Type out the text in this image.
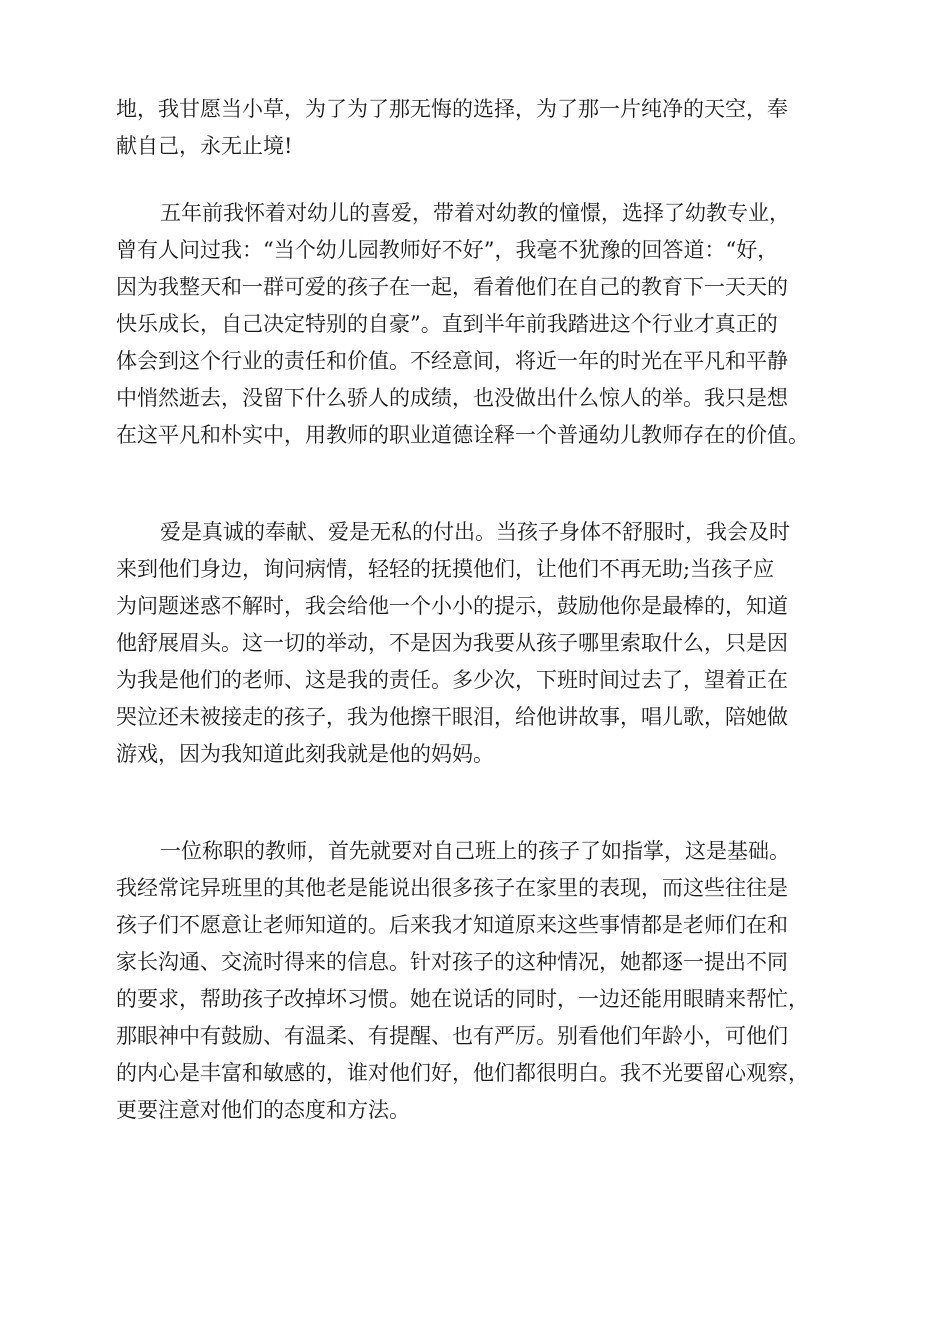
地，我甘愿当小草，为了为了那无悔的选择，为了那一片纯净的天空，奉
献自己，永无止境!
五年前我怀着对幼儿的喜爱，带着对幼教的憧憬，选择了幼教专业，
曾有人问过我：“当个幼儿园教师好不好”，我毫不犹豫的回答道：“好，
因为我整天和一群可爱的孩子在一起，看着他们在自己的教育下一天天的
快乐成长，自己决定特别的自豪”。直到半年前我踏进这个行业才真正的
体会到这个行业的责任和价值。不经意间，将近一年的时光在平凡和平静
中悄然逝去，没留下什么骄人的成绩，也没做出什么惊人的举。我只是想
在这平凡和朴实中，用教师的职业道德诠释一个普通幼儿教师存在的价值。
爱是真诚的奉献、爱是无私的付出。当孩子身体不舒服时，我会及时
来到他们身边，询问病情，轻轻的抚摸他们，让他们不再无助;当孩子应
为问题迷惑不解时，我会给他一个小小的提示，鼓励他你是最棒的，知道
他舒展眉头。这一切的举动，不是因为我要从孩子哪里索取什么，只是因
为我是他们的老师、这是我的责任。多少次，下班时间过去了，望着正在
哭泣还未被接走的孩子，我为他擦干眼泪，给他讲故事，唱儿歌，陪她做
游戏，因为我知道此刻我就是他的妈妈。
一位称职的教师，首先就要对自己班上的孩子了如指掌，这是基础。
我经常诧异班里的其他老是能说出很多孩子在家里的表现，而这些往往是
孩子们不愿意让老师知道的。后来我才知道原来这些事情都是老师们在和
家长沟通、交流时得来的信息。针对孩子的这种情况，她都逐一提出不同
的要求，帮助孩子改掉坏习惯。她在说话的同时，一边还能用眼睛来帮忙，
那眼神中有鼓励、有温柔、有提醒、也有严厉。别看他们年龄小，可他们
的内心是丰富和敏感的，谁对他们好，他们都很明白。我不光要留心观察，
更要注意对他们的态度和方法。
